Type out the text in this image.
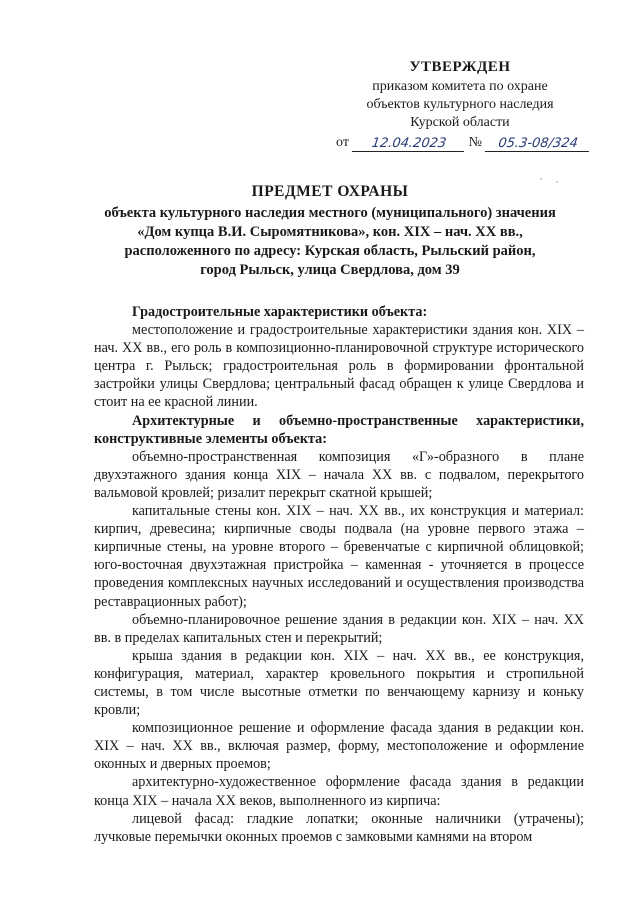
УТВЕРЖДЕН
приказом комитета по охране
объектов культурного наследия
Курской области
от	12.04.2023	№	05.3-08/324
ПРЕДМЕТ ОХРАНЫ
объекта культурного наследия местного (муниципального) значения
«Дом купца В.И. Сыромятникова», кон. XIX – нач. XX вв.,
расположенного по адресу: Курская область, Рыльский район,
город Рыльск, улица Свердлова, дом 39

Градостроительные характеристики объекта:

местоположение и градостроительные характеристики здания кон. XIX – нач. XX вв., его роль в композиционно-планировочной структуре исторического центра г. Рыльск; градостроительная роль в формировании фронтальной застройки улицы Свердлова; центральный фасад обращен к улице Свердлова и стоит на ее красной линии.

Архитектурные и объемно-пространственные характеристики, конструктивные элементы объекта:

объемно-пространственная композиция «Г»-образного в плане двухэтажного здания конца XIX – начала XX вв. с подвалом, перекрытого вальмовой кровлей; ризалит перекрыт скатной крышей;

капитальные стены кон. XIX – нач. XX вв., их конструкция и материал: кирпич, древесина; кирпичные своды подвала (на уровне первого этажа – кирпичные стены, на уровне второго – бревенчатые с кирпичной облицовкой; юго-восточная двухэтажная пристройка – каменная - уточняется в процессе проведения комплексных научных исследований и осуществления производства реставрационных работ);

объемно-планировочное решение здания в редакции кон. XIX – нач. XX вв. в пределах капитальных стен и перекрытий;

крыша здания в редакции кон. XIX – нач. XX вв., ее конструкция, конфигурация, материал, характер кровельного покрытия и стропильной системы, в том числе высотные отметки по венчающему карнизу и коньку кровли;

композиционное решение и оформление фасада здания в редакции кон. XIX – нач. XX вв., включая размер, форму, местоположение и оформление оконных и дверных проемов;

архитектурно-художественное оформление фасада здания в редакции конца XIX – начала XX веков, выполненного из кирпича:

лицевой фасад: гладкие лопатки; оконные наличники (утрачены); лучковые перемычки оконных проемов с замковыми камнями на втором
